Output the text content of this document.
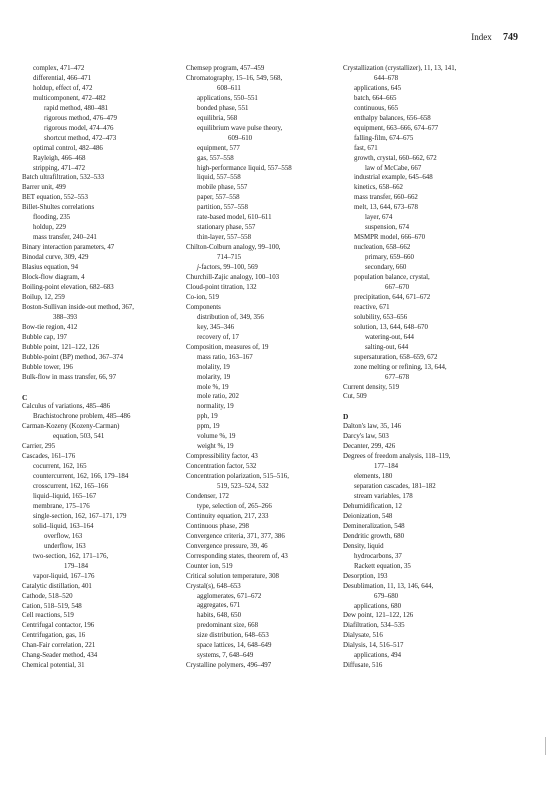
Index 749
complex, 471–472
differential, 466–471
holdup, effect of, 472
multicomponent, 472–482
rapid method, 480–481
rigorous method, 476–479
rigorous model, 474–476
shortcut method, 472–473
optimal control, 482–486
Rayleigh, 466–468
stripping, 471–472
Batch ultrafiltration, 532–533
Barrer unit, 499
BET equation, 552–553
Billet-Shultes correlations
flooding, 235
holdup, 229
mass transfer, 240–241
Binary interaction parameters, 47
Binodal curve, 309, 429
Blasius equation, 94
Block-flow diagram, 4
Boiling-point elevation, 682–683
Boilup, 12, 259
Boston-Sullivan inside-out method, 367,
388–393
Bow-tie region, 412
Bubble cap, 197
Bubble point, 121–122, 126
Bubble-point (BP) method, 367–374
Bubble tower, 196
Bulk-flow in mass transfer, 66, 97
C
Calculus of variations, 485–486
Brachistochrone problem, 485–486
Carman-Kozeny (Kozeny-Carman)
equation, 503, 541
Carrier, 295
Cascades, 161–176
cocurrent, 162, 165
countercurrent, 162, 166, 179–184
crosscurrent, 162, 165–166
liquid–liquid, 165–167
membrane, 175–176
single-section, 162, 167–171, 179
solid–liquid, 163–164
overflow, 163
underflow, 163
two-section, 162, 171–176,
179–184
vapor-liquid, 167–176
Catalytic distillation, 401
Cathode, 518–520
Cation, 518–519, 548
Cell reactions, 519
Centrifugal contactor, 196
Centrifugation, gas, 16
Chan-Fair correlation, 221
Chang-Seader method, 434
Chemical potential, 31
Chemsep program, 457–459
Chromatography, 15–16, 549, 568,
608–611
applications, 550–551
bonded phase, 551
equilibria, 568
equilibrium wave pulse theory,
609–610
equipment, 577
gas, 557–558
high-performance liquid, 557–558
liquid, 557–558
mobile phase, 557
paper, 557–558
partition, 557–558
rate-based model, 610–611
stationary phase, 557
thin-layer, 557–558
Chilton-Colburn analogy, 99–100,
714–715
j-factors, 99–100, 569
Churchill-Zajic analogy, 100–103
Cloud-point titration, 132
Co-ion, 519
Components
distribution of, 349, 356
key, 345–346
recovery of, 17
Composition, measures of, 19
mass ratio, 163–167
molality, 19
molarity, 19
mole %, 19
mole ratio, 202
normality, 19
pph, 19
ppm, 19
volume %, 19
weight %, 19
Compressibility factor, 43
Concentration factor, 532
Concentration polarization, 515–516,
519, 523–524, 532
Condenser, 172
type, selection of, 265–266
Continuity equation, 217, 233
Continuous phase, 298
Convergence criteria, 371, 377, 386
Convergence pressure, 39, 46
Corresponding states, theorem of, 43
Counter ion, 519
Critical solution temperature, 308
Crystal(s), 648–653
agglomerates, 671–672
aggregates, 671
habits, 648, 650
predominant size, 668
size distribution, 648–653
space lattices, 14, 648–649
systems, 7, 648–649
Crystalline polymers, 496–497
Crystallization (crystallizer), 11, 13, 141,
644–678
applications, 645
batch, 664–665
continuous, 665
enthalpy balances, 656–658
equipment, 663–666, 674–677
falling-film, 674–675
fast, 671
growth, crystal, 660–662, 672
law of McCabe, 667
industrial example, 645–648
kinetics, 658–662
mass transfer, 660–662
melt, 13, 644, 673–678
layer, 674
suspension, 674
MSMPR model, 666–670
nucleation, 658–662
primary, 659–660
secondary, 660
population balance, crystal,
667–670
precipitation, 644, 671–672
reactive, 671
solubility, 653–656
solution, 13, 644, 648–670
watering-out, 644
salting-out, 644
supersaturation, 658–659, 672
zone melting or refining, 13, 644,
677–678
Current density, 519
Cut, 509
D
Dalton's law, 35, 146
Darcy's law, 503
Decanter, 299, 426
Degrees of freedom analysis, 118–119,
177–184
elements, 180
separation cascades, 181–182
stream variables, 178
Dehumidification, 12
Deionization, 548
Demineralization, 548
Dendritic growth, 680
Density, liquid
hydrocarbons, 37
Rackett equation, 35
Desorption, 193
Desublimation, 11, 13, 146, 644,
679–680
applications, 680
Dew point, 121–122, 126
Diafiltration, 534–535
Dialysate, 516
Dialysis, 14, 516–517
applications, 494
Diffusate, 516
